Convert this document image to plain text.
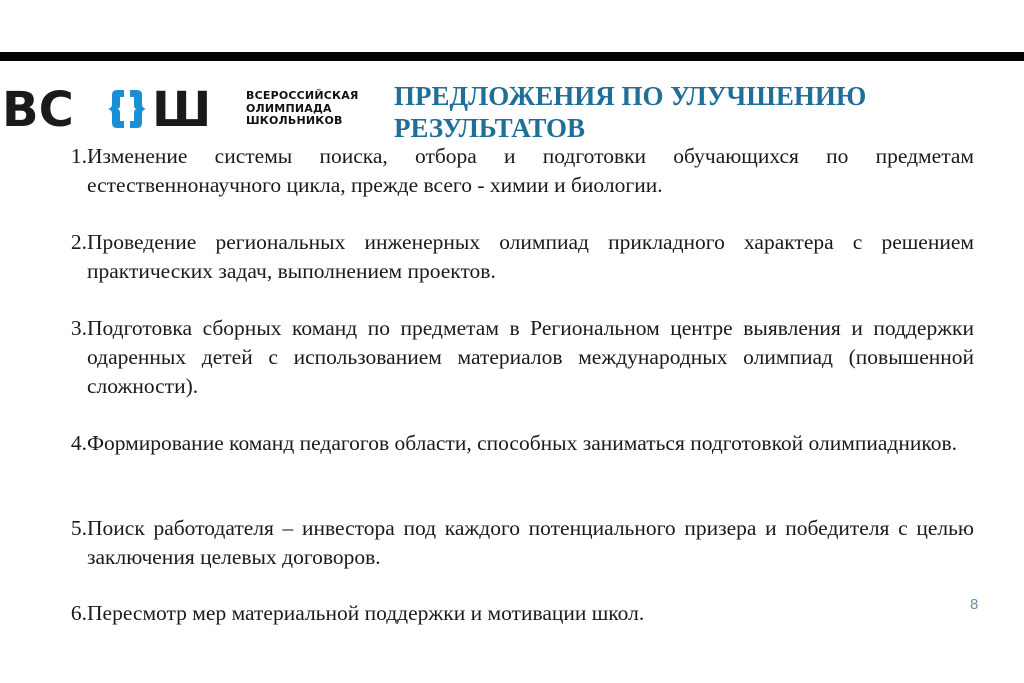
ВС Ш	ВСЕРОССИЙСКАЯ
ОЛИМПИАДА
ШКОЛЬНИКОВ
ПРЕДЛОЖЕНИЯ ПО УЛУЧШЕНИЮ РЕЗУЛЬТАТОВ
1. Изменение системы поиска, отбора и подготовки обучающихся по предметам естественнонаучного цикла, прежде всего - химии и биологии.
2. Проведение региональных инженерных олимпиад прикладного характера с решением практических задач, выполнением проектов.
3. Подготовка сборных команд по предметам в Региональном центре выявления и поддержки одаренных детей с использованием материалов международных олимпиад (повышенной сложности).
4. Формирование команд педагогов области, способных заниматься подготовкой олимпиадников.
5. Поиск работодателя – инвестора под каждого потенциального призера и победителя с целью заключения целевых договоров.
6. Пересмотр мер материальной поддержки и мотивации школ.	8
